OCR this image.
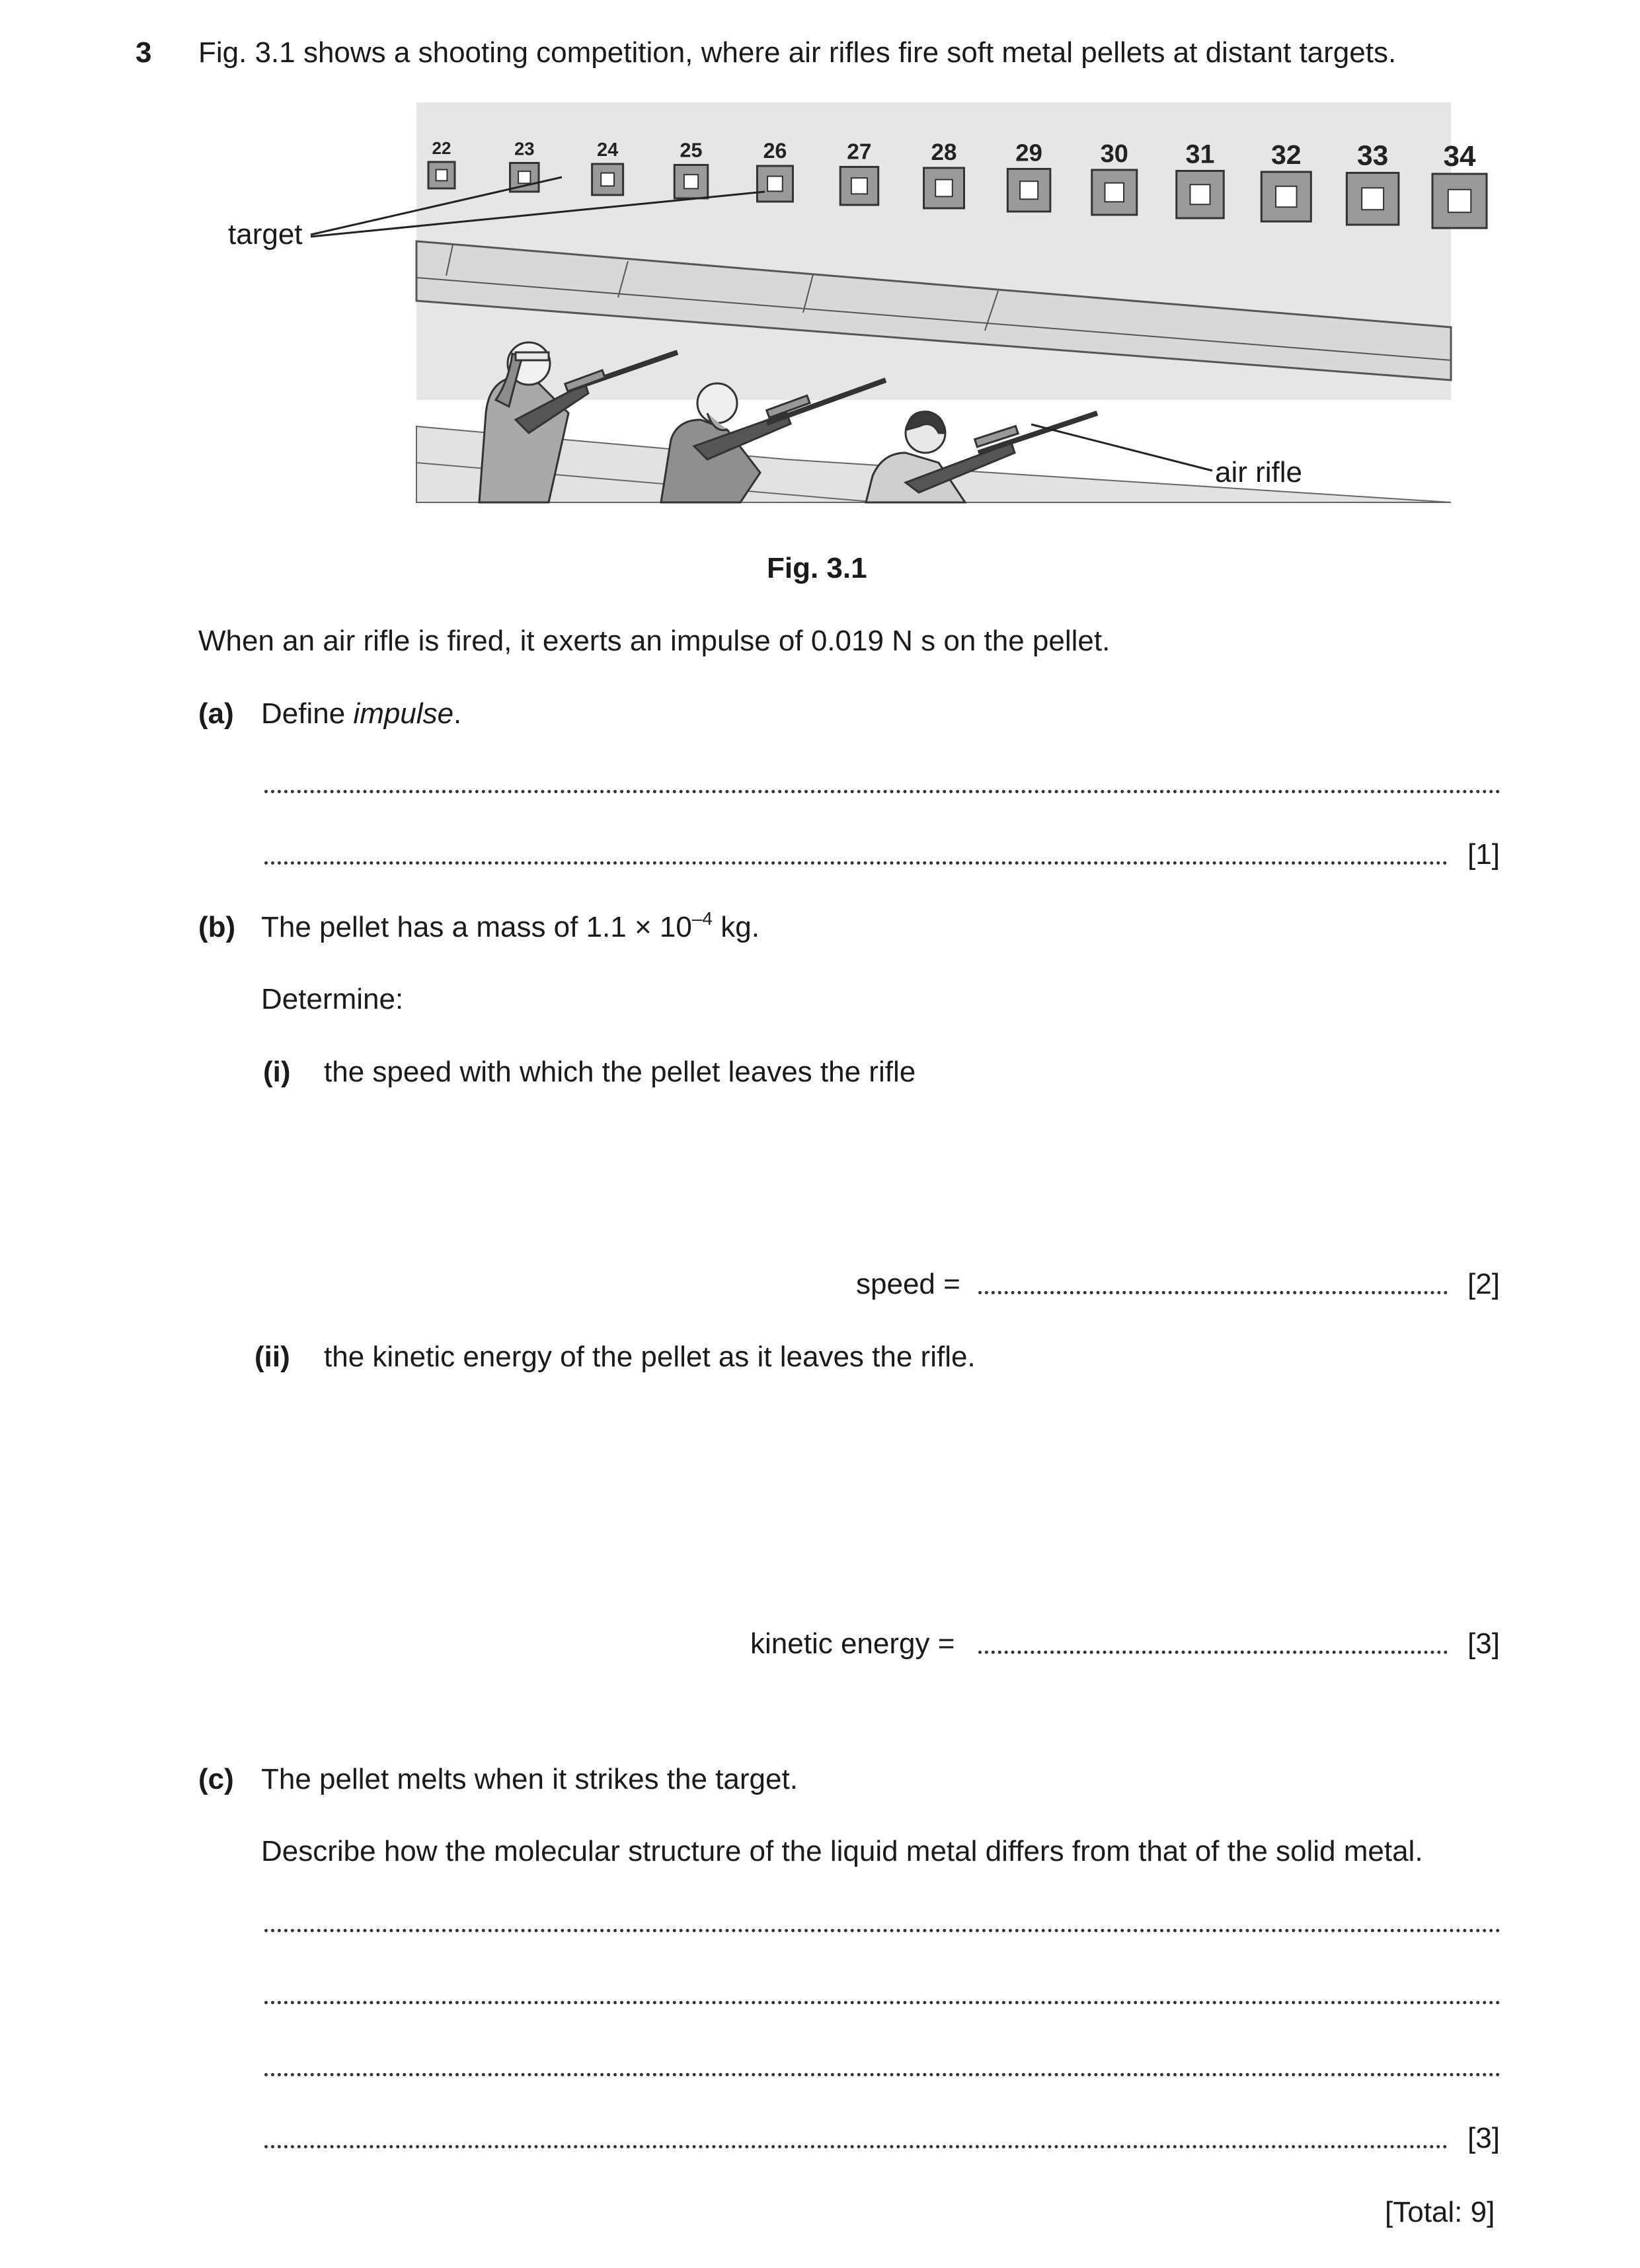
3 Fig. 3.1 shows a shooting competition, where air rifles fire soft metal pellets at distant targets.
22	23	24	25	26	27	28 29 30 31 32 33 34
target
air rifle
Fig. 3.1
When an air rifle is fired, it exerts an impulse of 0.019 N s on the pellet.
(a) Define impulse.
[1]
(b) The pellet has a mass of $1.1 \times 10^{-4}$ kg.
Determine:
(i) the speed with which the pellet leaves the rifle
speed =	[2]
(ii) the kinetic energy of the pellet as it leaves the rifle.
kinetic energy =	[3]
(c) The pellet melts when it strikes the target.
Describe how the molecular structure of the liquid metal differs from that of the solid metal.
[3]
[Total: 9]
